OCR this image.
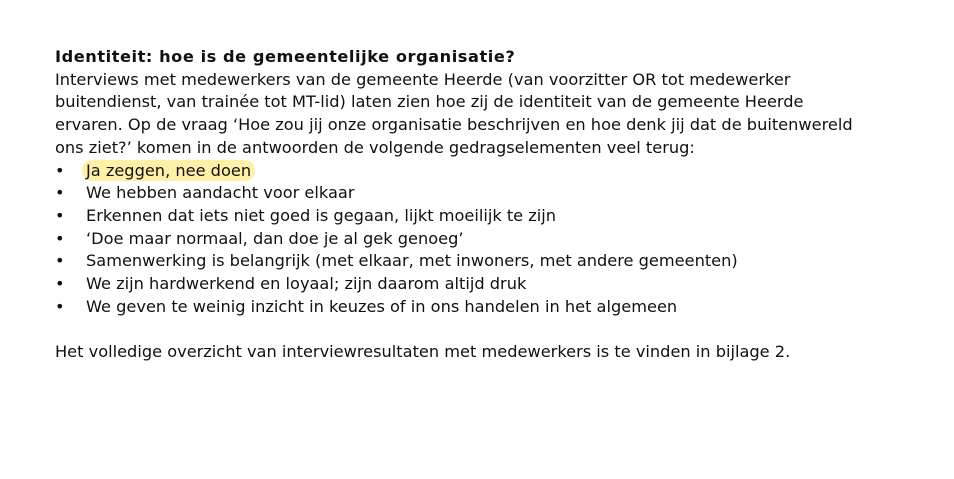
Identiteit: hoe is de gemeentelijke organisatie?

Interviews met medewerkers van de gemeente Heerde (van voorzitter OR tot medewerker
buitendienst, van trainée tot MT-lid) laten zien hoe zij de identiteit van de gemeente Heerde
ervaren. Op de vraag ‘Hoe zou jij onze organisatie beschrijven en hoe denk jij dat de buitenwereld
ons ziet?’ komen in de antwoorden de volgende gedragselementen veel terug:

• Ja zeggen, nee doen
• We hebben aandacht voor elkaar
• Erkennen dat iets niet goed is gegaan, lijkt moeilijk te zijn
• ‘Doe maar normaal, dan doe je al gek genoeg’
• Samenwerking is belangrijk (met elkaar, met inwoners, met andere gemeenten)
• We zijn hardwerkend en loyaal; zijn daarom altijd druk
• We geven te weinig inzicht in keuzes of in ons handelen in het algemeen

Het volledige overzicht van interviewresultaten met medewerkers is te vinden in bijlage 2.
